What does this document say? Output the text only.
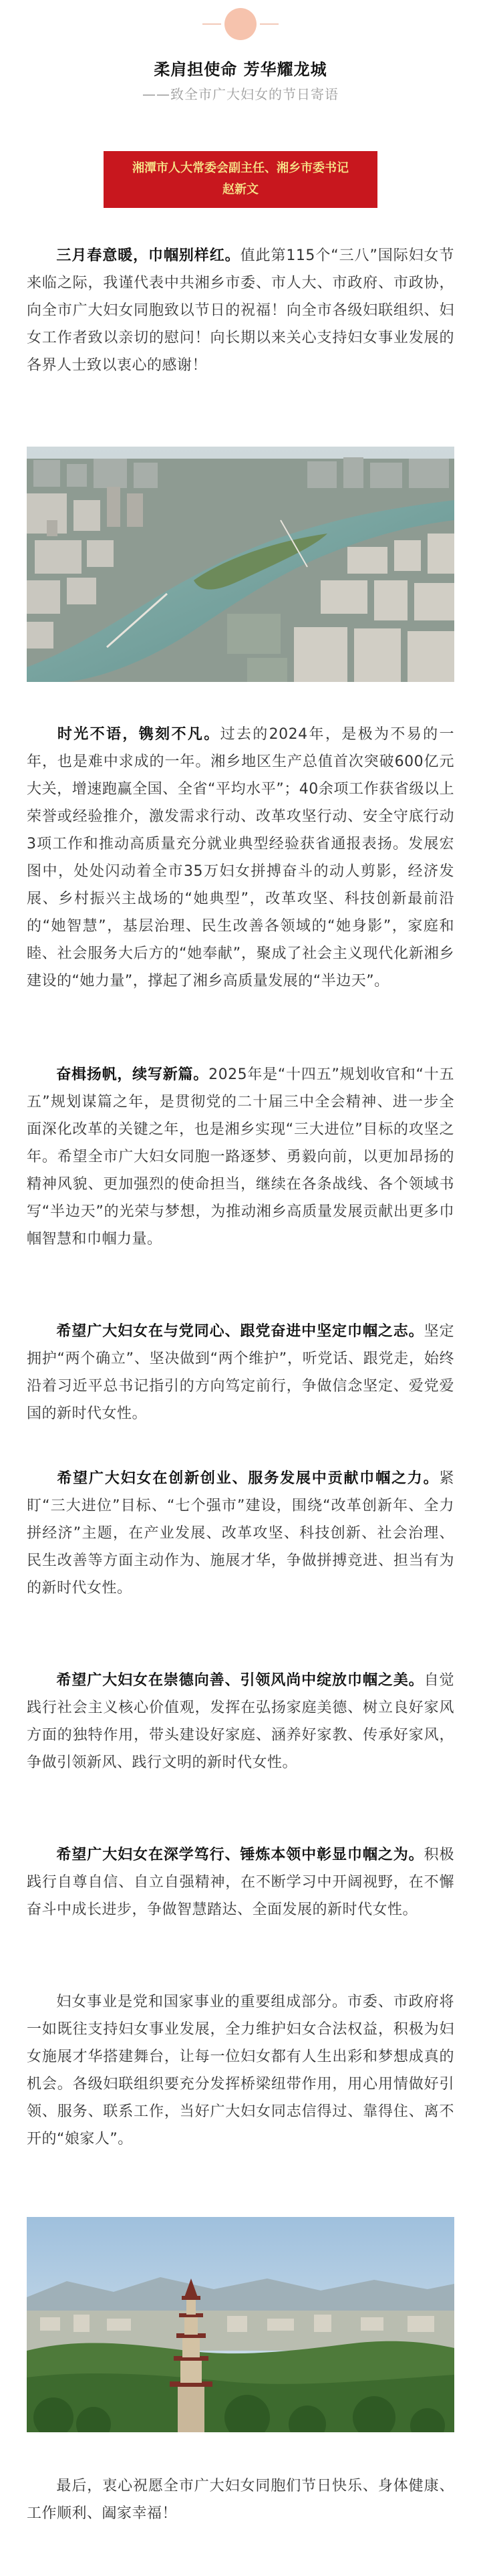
柔肩担使命 芳华耀龙城
——致全市广大妇女的节日寄语
湘潭市人大常委会副主任、湘乡市委书记
赵新文

三月春意暖，巾帼别样红。值此第115个“三八”国际妇女节来临之际，我谨代表中共湘乡市委、市人大、市政府、市政协，向全市广大妇女同胞致以节日的祝福！向全市各级妇联组织、妇女工作者致以亲切的慰问！向长期以来关心支持妇女事业发展的各界人士致以衷心的感谢！

时光不语，镌刻不凡。过去的2024年，是极为不易的一年，也是难中求成的一年。湘乡地区生产总值首次突破600亿元大关，增速跑赢全国、全省“平均水平”；40余项工作获省级以上荣誉或经验推介，激发需求行动、改革攻坚行动、安全守底行动3项工作和推动高质量充分就业典型经验获省通报表扬。发展宏图中，处处闪动着全市35万妇女拼搏奋斗的动人剪影，经济发展、乡村振兴主战场的“她典型”，改革攻坚、科技创新最前沿的“她智慧”，基层治理、民生改善各领域的“她身影”，家庭和睦、社会服务大后方的“她奉献”，聚成了社会主义现代化新湘乡建设的“她力量”，撑起了湘乡高质量发展的“半边天”。

奋楫扬帆，续写新篇。2025年是“十四五”规划收官和“十五五”规划谋篇之年，是贯彻党的二十届三中全会精神、进一步全面深化改革的关键之年，也是湘乡实现“三大进位”目标的攻坚之年。希望全市广大妇女同胞一路逐梦、勇毅向前，以更加昂扬的精神风貌、更加强烈的使命担当，继续在各条战线、各个领域书写“半边天”的光荣与梦想，为推动湘乡高质量发展贡献出更多巾帼智慧和巾帼力量。

希望广大妇女在与党同心、跟党奋进中坚定巾帼之志。坚定拥护“两个确立”、坚决做到“两个维护”，听党话、跟党走，始终沿着习近平总书记指引的方向笃定前行，争做信念坚定、爱党爱国的新时代女性。

希望广大妇女在创新创业、服务发展中贡献巾帼之力。紧盯“三大进位”目标、“七个强市”建设，围绕“改革创新年、全力拼经济”主题，在产业发展、改革攻坚、科技创新、社会治理、民生改善等方面主动作为、施展才华，争做拼搏竞进、担当有为的新时代女性。

希望广大妇女在崇德向善、引领风尚中绽放巾帼之美。自觉践行社会主义核心价值观，发挥在弘扬家庭美德、树立良好家风方面的独特作用，带头建设好家庭、涵养好家教、传承好家风，争做引领新风、践行文明的新时代女性。

希望广大妇女在深学笃行、锤炼本领中彰显巾帼之为。积极践行自尊自信、自立自强精神，在不断学习中开阔视野，在不懈奋斗中成长进步，争做智慧踏达、全面发展的新时代女性。

妇女事业是党和国家事业的重要组成部分。市委、市政府将一如既往支持妇女事业发展，全力维护妇女合法权益，积极为妇女施展才华搭建舞台，让每一位妇女都有人生出彩和梦想成真的机会。各级妇联组织要充分发挥桥梁纽带作用，用心用情做好引领、服务、联系工作，当好广大妇女同志信得过、靠得住、离不开的“娘家人”。

最后，衷心祝愿全市广大妇女同胞们节日快乐、身体健康、工作顺利、阖家幸福！
